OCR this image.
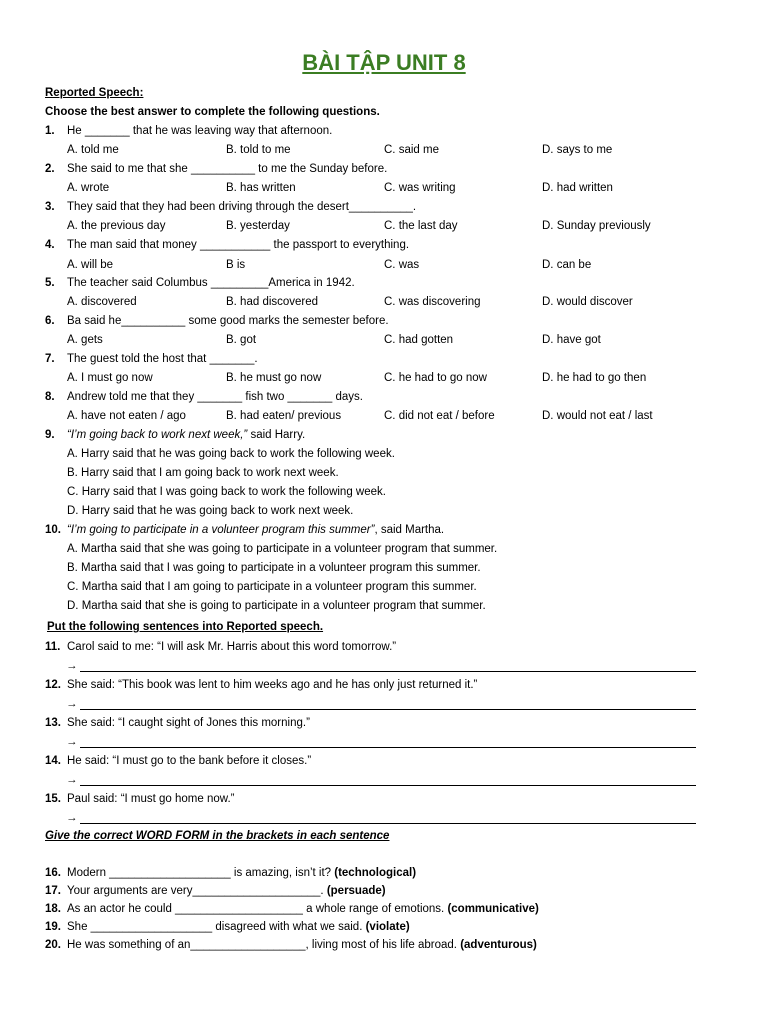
BÀI TẬP UNIT 8
Reported Speech:
Choose the best answer to complete the following questions.
1. He _______ that he was leaving way that afternoon.
A. told me	B. told to me	C. said me	D. says to me
2. She said to me that she __________ to me the Sunday before.
A. wrote	B. has written	C. was writing	D. had written
3. They said that they had been driving through the desert__________.
A. the previous day	B. yesterday	C. the last day	D. Sunday previously
4. The man said that money ___________ the passport to everything.
A. will be	B is	C. was	D. can be
5. The teacher said Columbus _________America in 1942.
A. discovered	B. had discovered	C. was discovering	D. would discover
6. Ba said he__________ some good marks the semester before.
A. gets	B. got	C. had gotten	D. have got
7. The guest told the host that _______.
A. I must go now	B. he must go now	C. he had to go now	D. he had to go then
8. Andrew told me that they _______ fish two _______ days.
A. have not eaten / ago	B. had eaten/ previous	C. did not eat / before	D. would not eat / last
9. “I’m going back to work next week,” said Harry.
A. Harry said that he was going back to work the following week.
B. Harry said that I am going back to work next week.
C. Harry said that I was going back to work the following week.
D. Harry said that he was going back to work next week.
10. “I’m going to participate in a volunteer program this summer”, said Martha.
A. Martha said that she was going to participate in a volunteer program that summer.
B. Martha said that I was going to participate in a volunteer program this summer.
C. Martha said that I am going to participate in a volunteer program this summer.
D. Martha said that she is going to participate in a volunteer program that summer.
Put the following sentences into Reported speech.
11. Carol said to me: “I will ask Mr. Harris about this word tomorrow.”
→
12. She said: “This book was lent to him weeks ago and he has only just returned it.”
→
13. She said: “I caught sight of Jones this morning.”
→
14. He said: “I must go to the bank before it closes.”
→
15. Paul said: “I must go home now.”
→
Give the correct WORD FORM in the brackets in each sentence
16. Modern ___________________ is amazing, isn’t it? (technological)
17. Your arguments are very____________________. (persuade)
18. As an actor he could ____________________ a whole range of emotions. (communicative)
19. She ___________________ disagreed with what we said. (violate)
20. He was something of an__________________, living most of his life abroad. (adventurous)
